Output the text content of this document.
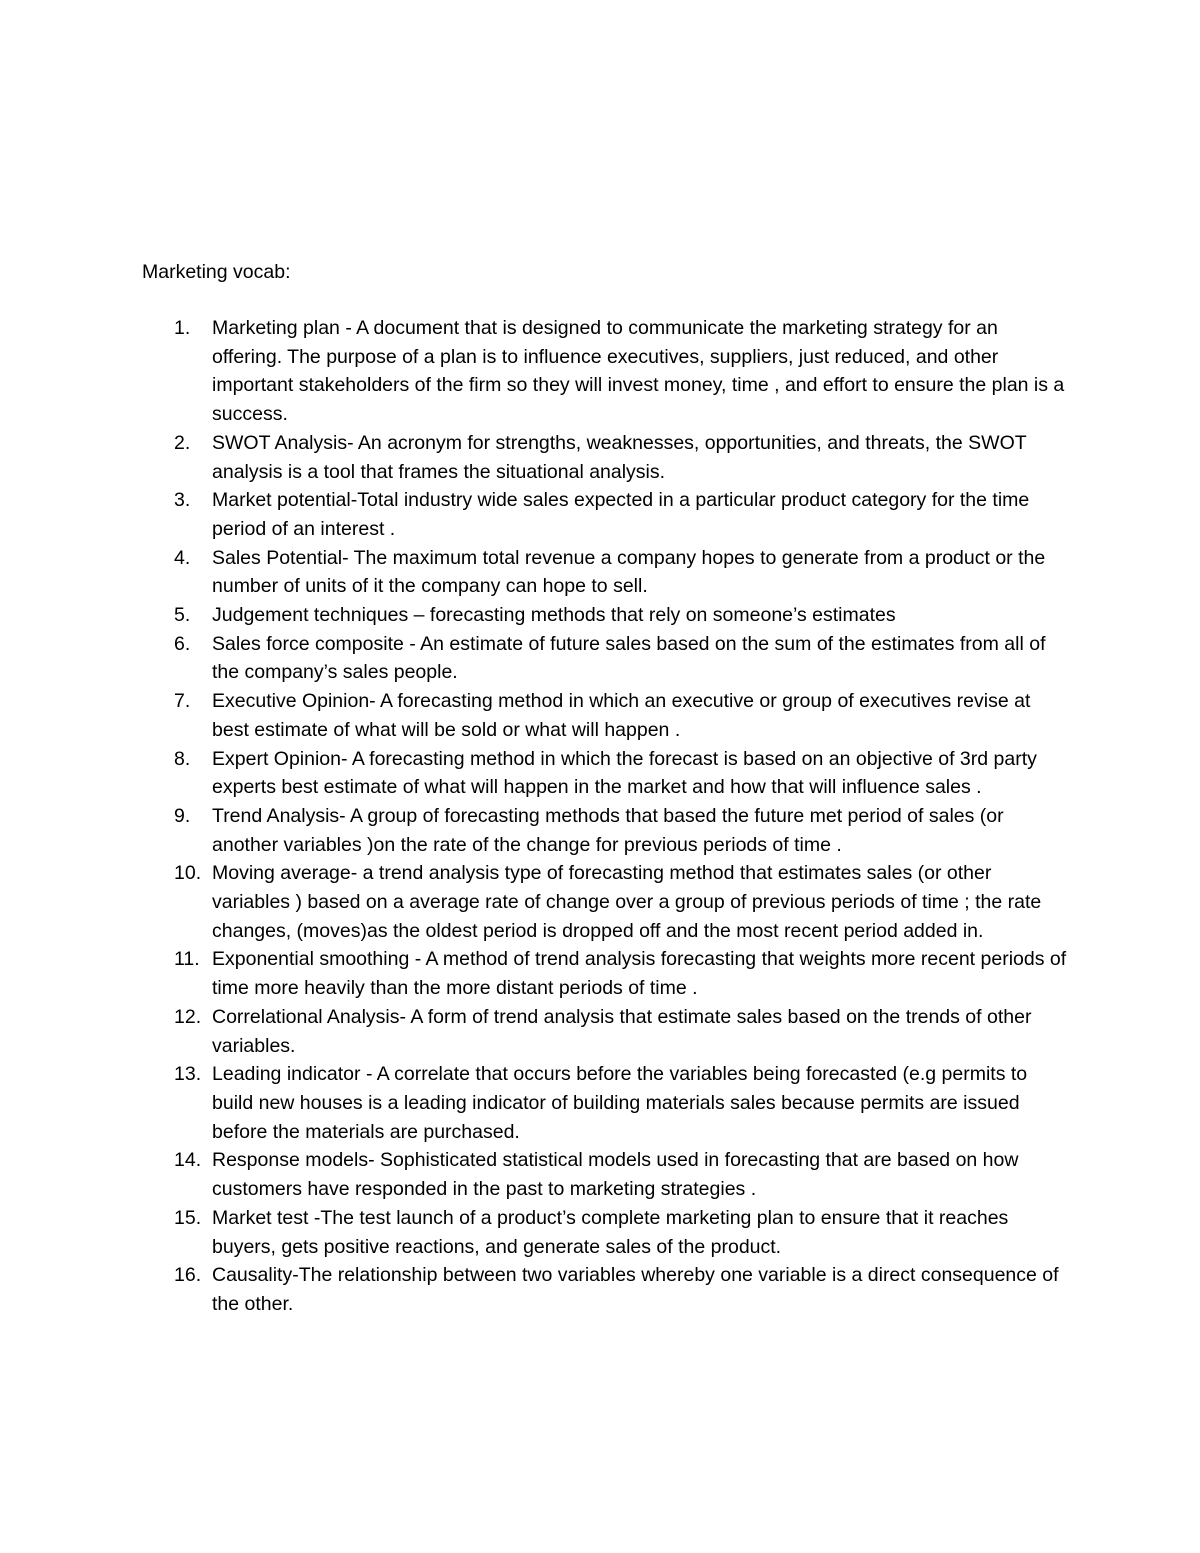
Marketing vocab:
1. Marketing plan - A document that is designed to communicate the marketing strategy for an offering. The purpose of a plan is to influence executives, suppliers, just reduced, and other important stakeholders of the firm so they will invest money, time , and effort to ensure the plan is a success.
2. SWOT Analysis- An acronym for strengths, weaknesses, opportunities, and threats, the SWOT analysis is a tool that frames the situational analysis.
3. Market potential-Total industry wide sales expected in a particular product category for the time period of an interest .
4. Sales Potential- The maximum total revenue a company hopes to generate from a product or the number of units of it the company can hope to sell.
5. Judgement techniques – forecasting methods that rely on someone’s estimates
6. Sales force composite - An estimate of future sales based on the sum of the estimates from all of the company’s sales people.
7. Executive Opinion- A forecasting method in which an executive or group of executives revise at best estimate of what will be sold or what will happen .
8. Expert Opinion- A forecasting method in which the forecast is based on an objective of 3rd party experts best estimate of what will happen in the market and how that will influence sales .
9. Trend Analysis- A group of forecasting methods that based the future met period of sales (or another variables )on the rate of the change for previous periods of time .
10. Moving average- a trend analysis type of forecasting method that estimates sales (or other variables ) based on a average rate of change over a group of previous periods of time ; the rate changes, (moves)as the oldest period is dropped off and the most recent period added in.
11. Exponential smoothing - A method of trend analysis forecasting that weights more recent periods of time more heavily than the more distant periods of time .
12. Correlational Analysis- A form of trend analysis that estimate sales based on the trends of other variables.
13. Leading indicator - A correlate that occurs before the variables being forecasted (e.g permits to build new houses is a leading indicator of building materials sales because permits are issued before the materials are purchased.
14. Response models- Sophisticated statistical models used in forecasting that are based on how customers have responded in the past to marketing strategies .
15. Market test -The test launch of a product’s complete marketing plan to ensure that it reaches buyers, gets positive reactions, and generate sales of the product.
16. Causality-The relationship between two variables whereby one variable is a direct consequence of the other.
